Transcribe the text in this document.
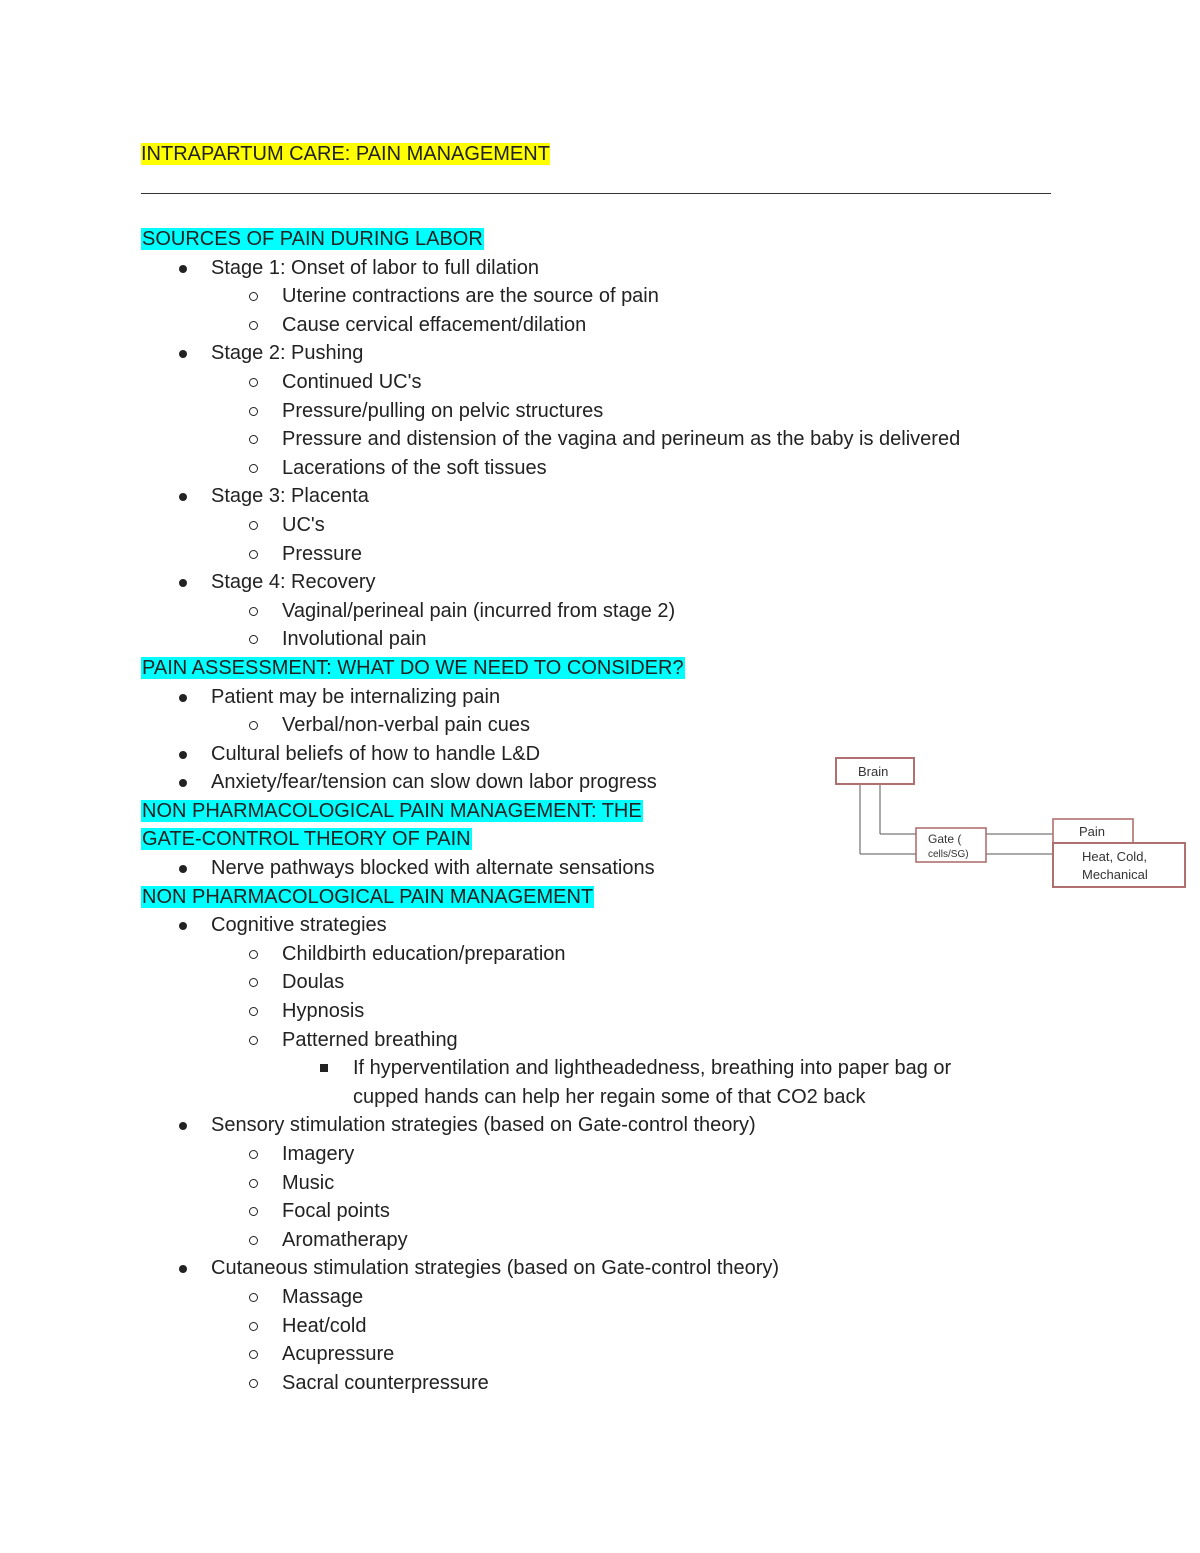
INTRAPARTUM CARE: PAIN MANAGEMENT
SOURCES OF PAIN DURING LABOR
Stage 1: Onset of labor to full dilation
Uterine contractions are the source of pain
Cause cervical effacement/dilation
Stage 2: Pushing
Continued UC's
Pressure/pulling on pelvic structures
Pressure and distension of the vagina and perineum as the baby is delivered
Lacerations of the soft tissues
Stage 3: Placenta
UC's
Pressure
Stage 4: Recovery
Vaginal/perineal pain (incurred from stage 2)
Involutional pain
PAIN ASSESSMENT: WHAT DO WE NEED TO CONSIDER?
Patient may be internalizing pain
Verbal/non-verbal pain cues
Cultural beliefs of how to handle L&D
Anxiety/fear/tension can slow down labor progress
NON PHARMACOLOGICAL PAIN MANAGEMENT: THE
GATE-CONTROL THEORY OF PAIN
Nerve pathways blocked with alternate sensations
NON PHARMACOLOGICAL PAIN MANAGEMENT
Cognitive strategies
Childbirth education/preparation
Doulas
Hypnosis
Patterned breathing
If hyperventilation and lightheadedness, breathing into paper bag or
cupped hands can help her regain some of that CO2 back
Sensory stimulation strategies (based on Gate-control theory)
Imagery
Music
Focal points
Aromatherapy
Cutaneous stimulation strategies (based on Gate-control theory)
Massage
Heat/cold
Acupressure
Sacral counterpressure
Brain
Gate (
cells/SG)
Pain
Heat, Cold,
Mechanical
